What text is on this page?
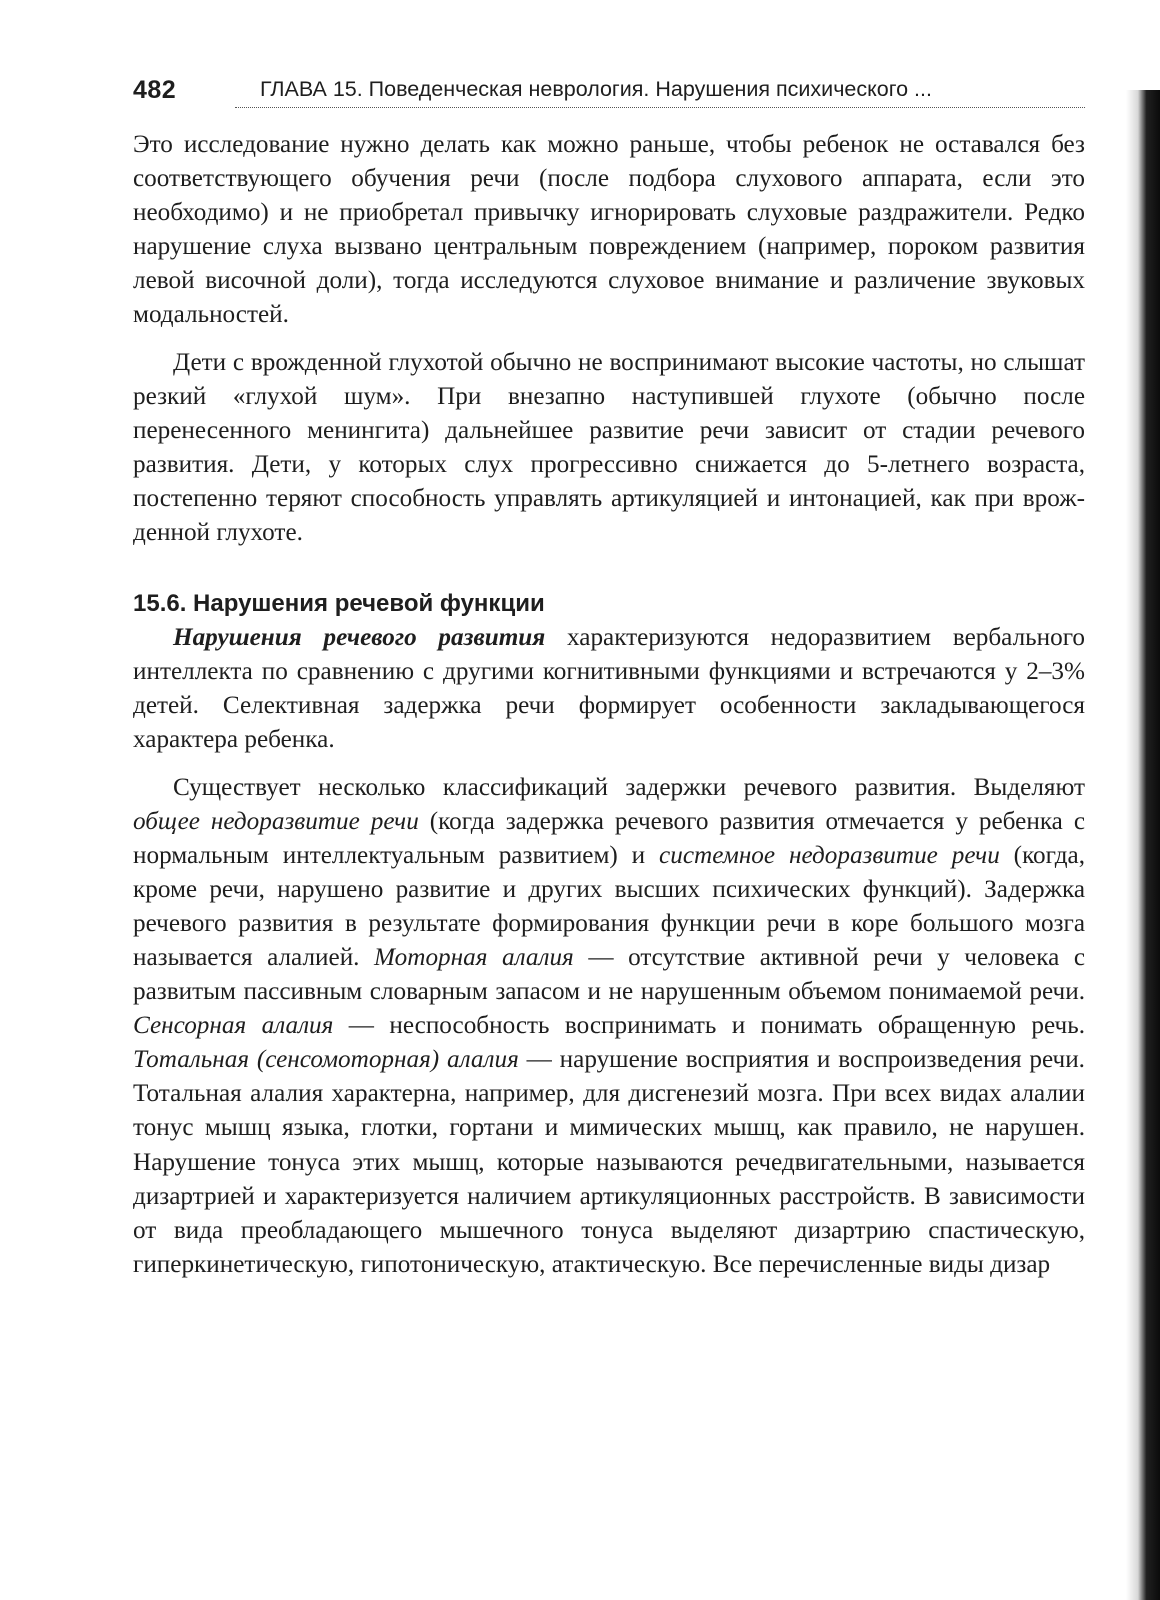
482	ГЛАВА 15. Поведенческая неврология. Нарушения психического ...

Это исследование нужно делать как можно раньше, чтобы ребенок не оставался без соответствующего обучения речи (после подбора слухового аппарата, если это необходимо) и не приобретал привычку игнорировать слуховые раздражители. Редко нарушение слуха вызвано центральным повреждением (например, пороком развития левой височной доли), тогда исследуются слуховое внимание и различение звуковых модальностей.

Дети с врожденной глухотой обычно не воспринимают высокие частоты, но слышат резкий «глухой шум». При внезапно наступившей глухоте (обычно после перенесенного менингита) дальнейшее развитие речи зависит от стадии речевого развития. Дети, у которых слух прогрессивно снижается до 5-летнего возраста, постепенно теряют способность управлять артикуляцией и интонацией, как при врожденной глухоте.

15.6. Нарушения речевой функции

Нарушения речевого развития характеризуются недоразвитием вербального интеллекта по сравнению с другими когнитивными функциями и встречаются у 2–3% детей. Селективная задержка речи формирует особенности закладывающегося характера ребенка.

Существует несколько классификаций задержки речевого развития. Выделяют общее недоразвитие речи (когда задержка речевого развития отмечается у ребенка с нормальным интеллектуальным развитием) и системное недоразвитие речи (когда, кроме речи, нарушено развитие и других высших психических функций). Задержка речевого развития в результате формирования функции речи в коре большого мозга называется алалией. Моторная алалия — отсутствие активной речи у человека с развитым пассивным словарным запасом и не нарушенным объемом понимаемой речи. Сенсорная алалия — неспособность воспринимать и понимать обращенную речь. Тотальная (сенсомоторная) алалия — нарушение восприятия и воспроизведения речи. Тотальная алалия характерна, например, для дисгенезий мозга. При всех видах алалии тонус мышц языка, глотки, гортани и мимических мышц, как правило, не нарушен. Нарушение тонуса этих мышц, которые называются речедвигательными, называется дизартрией и характеризуется наличием артикуляционных расстройств. В зависимости от вида преобладающего мышечного тонуса выделяют дизартрию спастическую, гиперкинетическую, гипотоническую, атактическую. Все перечисленные виды дизар
